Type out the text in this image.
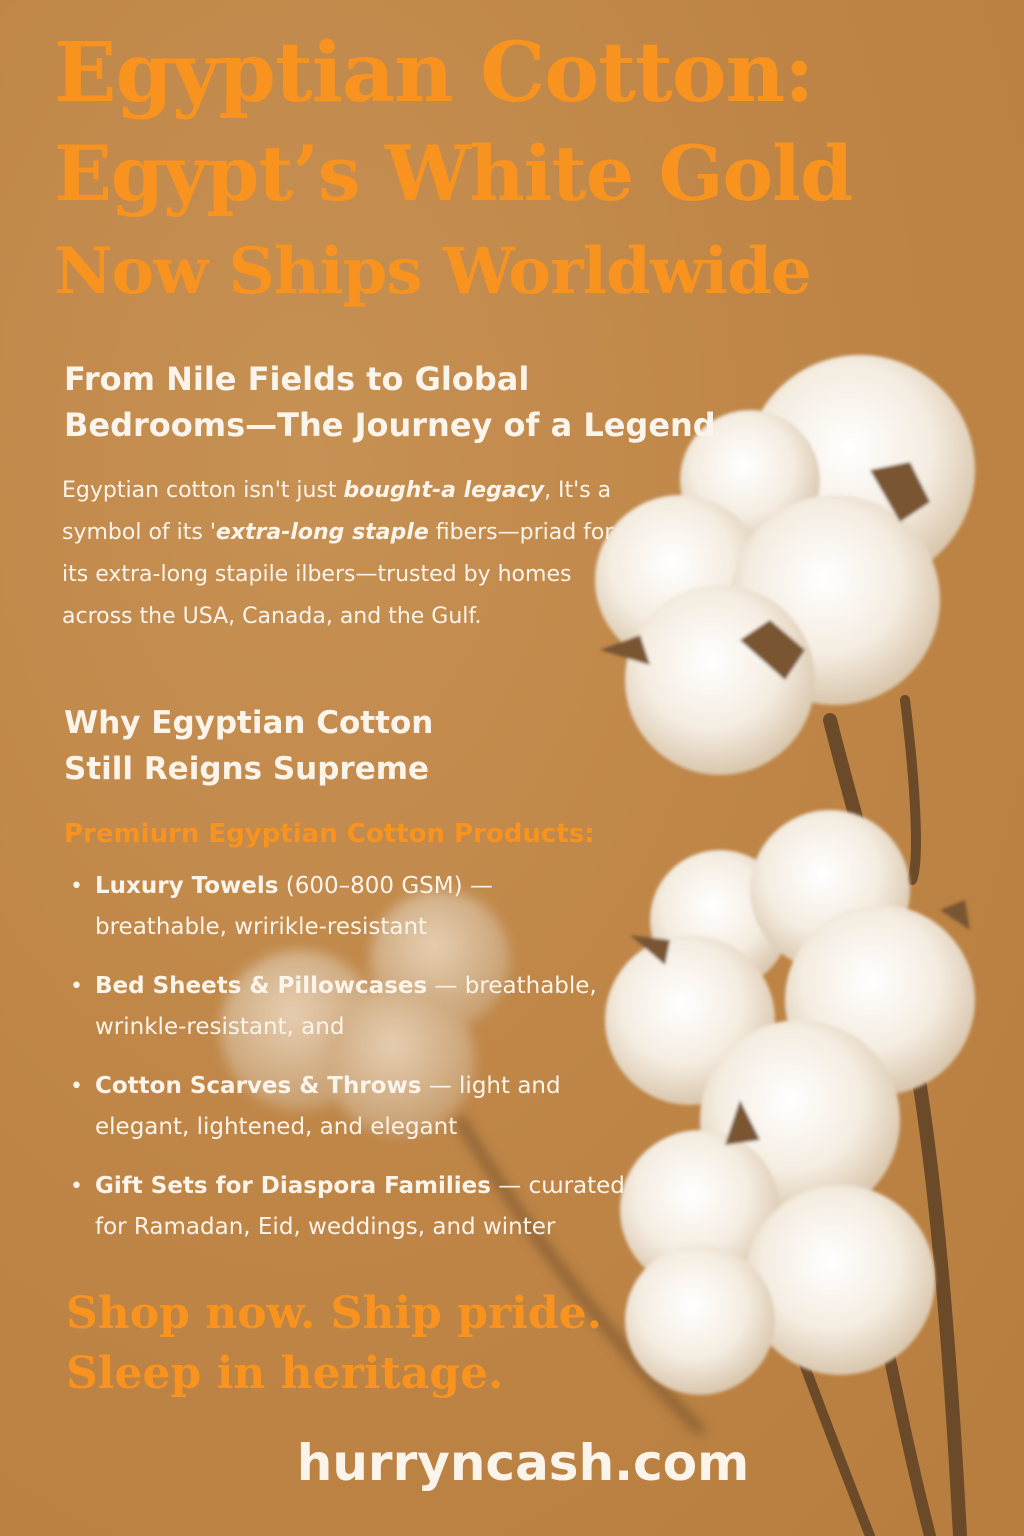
Egyptian Cotton:
Egypt’s White Gold
Now Ships Worldwide
From Nile Fields to Global
Bedrooms—The Journey of a Legend

Egyptian cotton isn't just bought-a legacy, It's a symbol of its 'extra-long staple fibers—priad for its extra-long stapile ilbers—trusted by homes across the USA, Canada, and the Gulf.

Why Egyptian Cotton
Still Reigns Supreme
Premiurn Egyptian Cotton Products:
• Luxury Towels (600–800 GSM) — breathable, wririkle-resistant
• Bed Sheets & Pillowcases — breathable, wrinkle-resistant, and
• Cotton Scarves & Throws — light and elegant, lightened, and elegant
• Gift Sets for Diaspora Families — cɯrated for Ramadan, Eid, weddings, and winter

Shop now. Ship pride.
Sleep in heritage.

hurryncash.com
